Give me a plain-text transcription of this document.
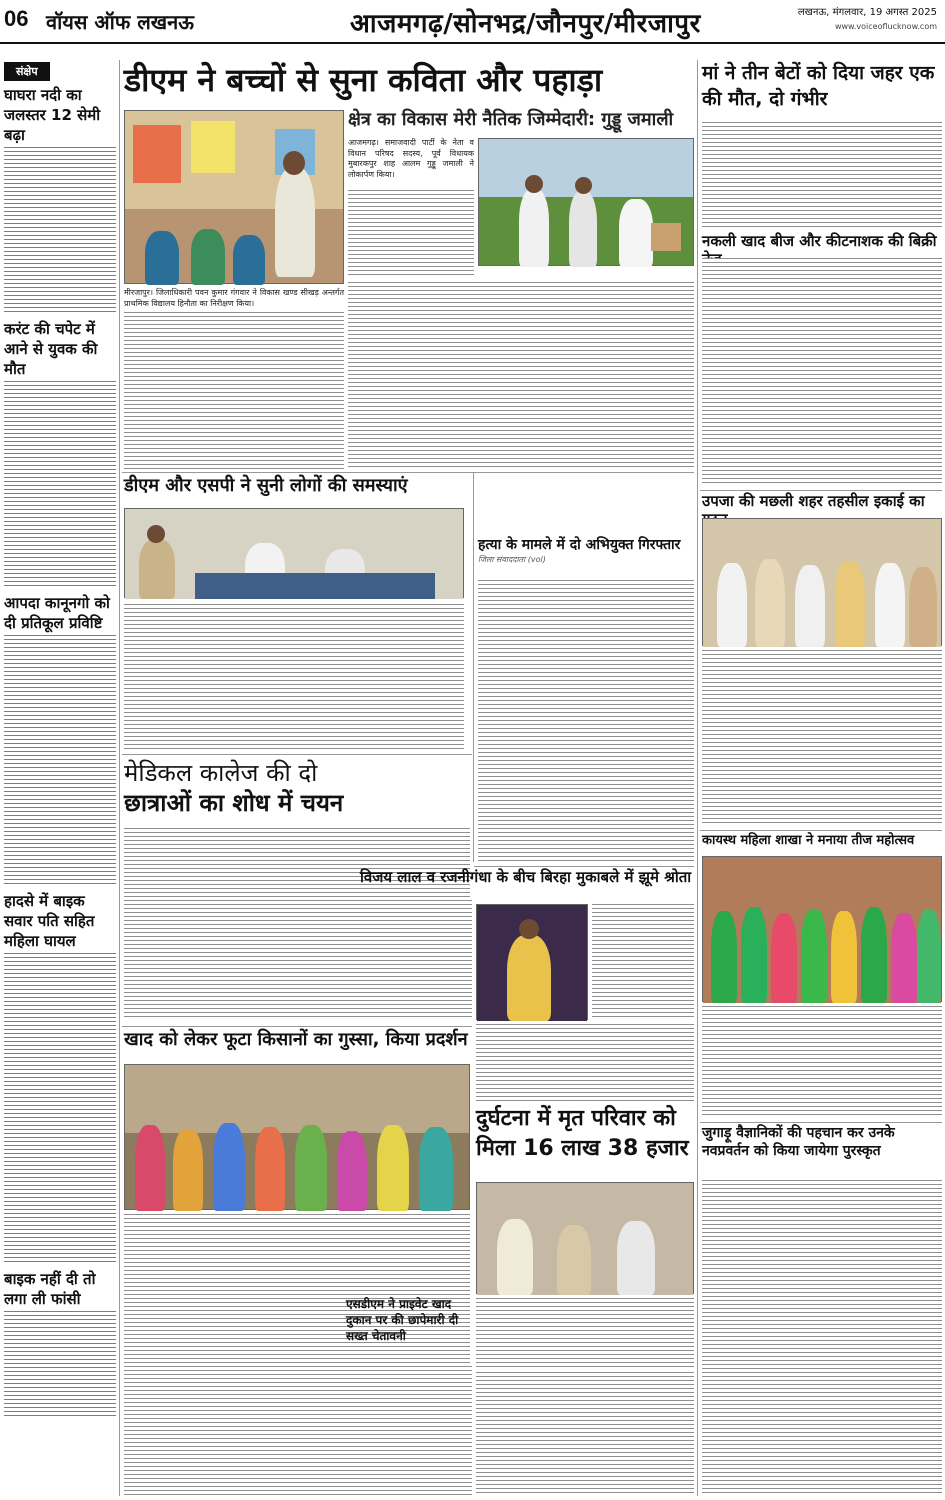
06 वॉयस ऑफ लखनऊ	आजमगढ़/सोनभद्र/जौनपुर/मीरजापुर	लखनऊ, मंगलवार, 19 अगस्त 2025
www.voiceoflucknow.com
संक्षेप
घाघरा नदी का जलस्तर 12 सेमी बढ़ा
करंट की चपेट में आने से युवक की मौत
आपदा कानूनगो को दी प्रतिकूल प्रविष्टि
हादसे में बाइक सवार पति सहित महिला घायल
बाइक नहीं दी तो लगा ली फांसी
डीएम ने बच्चों से सुना कविता और पहाड़ा
मीरजापुर। जिलाधिकारी पवन कुमार गंगवार ने विकास खण्ड सीखड़ अन्तर्गत प्राथमिक विद्यालय हिनौता का निरीक्षण किया।
क्षेत्र का विकास मेरी नैतिक जिम्मेदारी: गुड्डू जमाली
आजमगढ़। समाजवादी पार्टी के नेता व विधान परिषद सदस्य, पूर्व विधायक मुबारकपुर शाह आलम गुड्डू जमाली ने लोकार्पण किया।
डीएम और एसपी ने सुनी लोगों की समस्याएं
मेडिकल कालेज की दो
छात्राओं का शोध में चयन
हत्या के मामले में दो अभियुक्त गिरफ्तार
जिला संवाददाता (vol)
विजय लाल व रजनीगंधा के बीच बिरहा मुकाबले में झूमे श्रोता
खाद को लेकर फूटा किसानों का गुस्सा, किया प्रदर्शन
दुर्घटना में मृत परिवार को मिला 16 लाख 38 हजार
एसडीएम ने प्राइवेट खाद दुकान पर की छापेमारी दी सख्त चेतावनी
मां ने तीन बेटों को दिया जहर एक की मौत, दो गंभीर
नकली खाद बीज और कीटनाशक की बिक्री
उपजा की मछली शहर तहसील इकाई का
कायस्थ महिला शाखा ने मनाया तीज महोत्सव
जुगाड़ू वैज्ञानिकों की पहचान कर उनके नवप्रवर्तन को किया जायेगा पुरस्कृत
